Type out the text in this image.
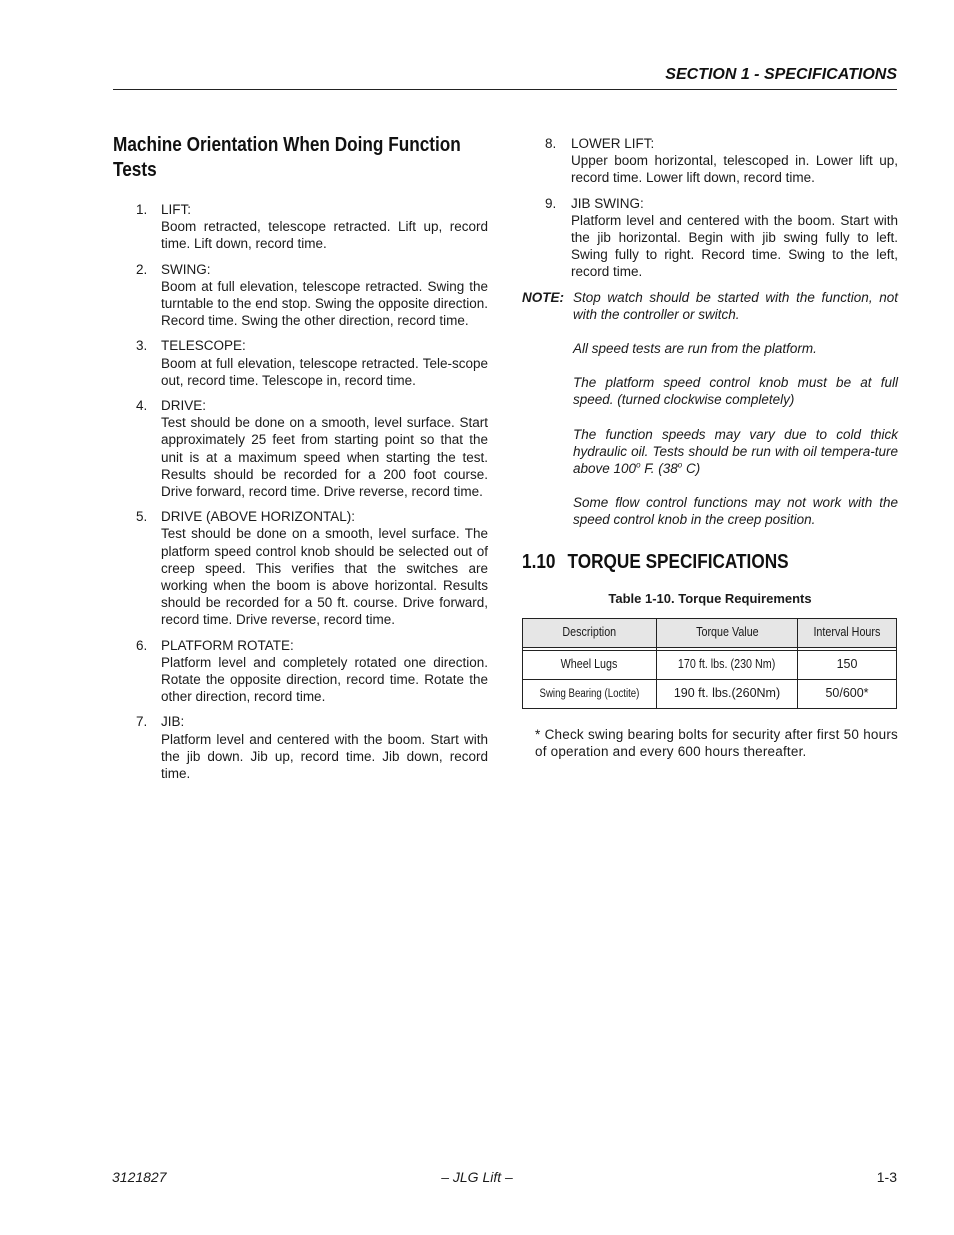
SECTION 1 - SPECIFICATIONS
Machine Orientation When Doing Function Tests
1. LIFT:
Boom retracted, telescope retracted. Lift up, record time. Lift down, record time.
2. SWING:
Boom at full elevation, telescope retracted. Swing the turntable to the end stop. Swing the opposite direction. Record time. Swing the other direction, record time.
3. TELESCOPE:
Boom at full elevation, telescope retracted. Tele-scope out, record time. Telescope in, record time.
4. DRIVE:
Test should be done on a smooth, level surface. Start approximately 25 feet from starting point so that the unit is at a maximum speed when starting the test. Results should be recorded for a 200 foot course. Drive forward, record time. Drive reverse, record time.
5. DRIVE (ABOVE HORIZONTAL):
Test should be done on a smooth, level surface. The platform speed control knob should be selected out of creep speed. This verifies that the switches are working when the boom is above horizontal. Results should be recorded for a 50 ft. course. Drive forward, record time. Drive reverse, record time.
6. PLATFORM ROTATE:
Platform level and completely rotated one direction. Rotate the opposite direction, record time. Rotate the other direction, record time.
7. JIB:
Platform level and centered with the boom. Start with the jib down. Jib up, record time. Jib down, record time.
8. LOWER LIFT:
Upper boom horizontal, telescoped in. Lower lift up, record time. Lower lift down, record time.
9. JIB SWING:
Platform level and centered with the boom. Start with the jib horizontal. Begin with jib swing fully to left. Swing fully to right. Record time. Swing to the left, record time.
NOTE: Stop watch should be started with the function, not with the controller or switch.

All speed tests are run from the platform.

The platform speed control knob must be at full speed. (turned clockwise completely)

The function speeds may vary due to cold thick hydraulic oil. Tests should be run with oil tempera-ture above 100$^o$ F. (38$^o$ C)

Some flow control functions may not work with the speed control knob in the creep position.

1.10 TORQUE SPECIFICATIONS
Table 1-10. Torque Requirements
Description	Torque Value	Interval Hours

Wheel Lugs	170 ft. lbs. (230 Nm)	150
Swing Bearing (Loctite)	190 ft. lbs.(260Nm)	50/600*
* Check swing bearing bolts for security after first 50 hours of operation and every 600 hours thereafter.
3121827	– JLG Lift –	1-3
